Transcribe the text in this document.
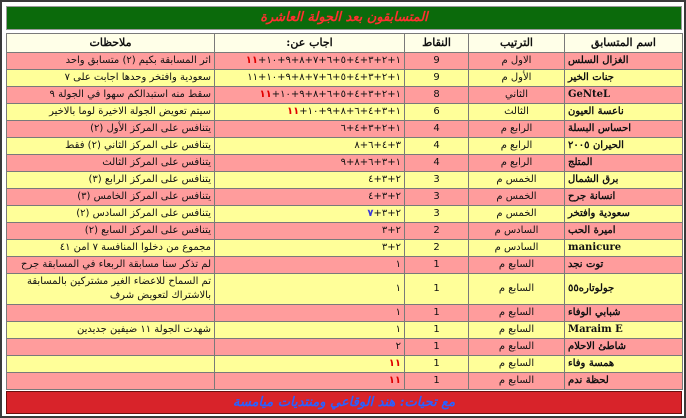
المتسابقون بعد الجولة العاشرة
ملاحظات	اجاب عن:	النقاط	الترتيب	اسم المتسابق
اثر المسابقة بكيم (٢) متسابق واحد	١+٢+٣+٤+٥+٦+٧+٨+٩+١٠+١١	9	الاول م	الغزال السلس
سعودية وافتخر وحدها اجابت على ٧	١+٢+٣+٤+٥+٦+٧+٨+٩+١٠+١١	9	الأول م	جنات الخير
سقط منه استبدالكم سهوا في الجولة ٩	١+٢+٣+٤+٥+٦+٨+٩+١٠+١١	8	الثاني	GeNteL
سيتم تعويض الجولة الاخيرة لوما بالاخير	١+٣+٤+٦+٨+٩+١٠+١١	6	الثالث	ناعسة العيون
يتنافس على المركز الأول (٢)	١+٢+٣+٤+٦	4	الرابع م	احساس البسلة
يتنافس على المركز الثاني (٢) فقط	٣+٤+٦+٨	4	الرابع م	الحيران ٢٠٠٥
يتنافس على المركز الثالث	١+٣+٦+٨+٩	4	الرابع م	المتلج
يتنافس على المركز الرابع (٣)	٢+٣+٤	3	الخمس م	برق الشمال
يتنافس على المركز الخامس (٣)	٢+٣+٤	3	الخمس م	انسانة جرح
يتنافس على المركز السادس (٢)	٢+٣+٧	3	الخمس م	سعودية وافتخر
يتنافس على المركز السابع (٢)	٢+٣	2	السادس م	اميرة الحب
مجموع من دخلوا المنافسة ٧ امن ٤١	٢+٣	2	السادس م	manicure
لم تذكر سنا مسابقة الربعاء في المسابقة جرح	١	1	السابع م	توت نجد
تم السماح للاعضاء الغير مشتركين بالمسابقة بالاشتراك لتعويض شرف	١	1	السابع م	جولوتاره٥٥
	١	1	السابع م	شبابي الوفاء
شهدت الجولة ١١ ضيفين جديدين	١	1	السابع م	Maraim E
	٢	1	السابع م	شاطئ الاحلام
	١١	1	السابع م	همسة وفاء
	١١	1	السابع م	لحظة ندم
مع تحيات: هند الوقاعي ومنتديات ميامسة
